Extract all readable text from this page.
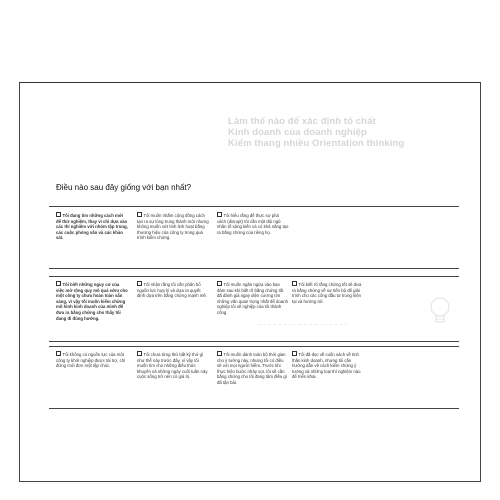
Làm thế nào để xác định tố chất
Kinh doanh của doanh nghiệp
Kiểm thang nhiều Orientation thinking
Điều nào sau đây giống với bạn nhất?
Tôi đang tìm những cách mới để thử nghiệm, thay vì chỉ dựa vào các thí nghiệm với nhóm tập trung, các cuộc phỏng vấn và các khảo sát.
Tôi muốn nhắm cộng đồng cách tạo ra sự lòng trung thành mới nhưng không muốn vứt tính linh hoạt bằng thương hiệu của công ty trong quá trình kiểm chứng.
Tôi hiểu rằng để thực sự phá cách (disrupt) tôi cần một đội ngũ nhân tố sáng kiến và có khả năng tạo ra bằng chứng của riêng họ.
Tôi biết những nguy cơ của việc mở rộng quy mô quá sớm cho một công ty chưa hoàn toàn sẵn sàng, vì vậy tôi muốn kiểm chứng mô hình kinh doanh của mình để đưa ra bằng chứng cho thấy tôi đang đi đúng hướng.
Tôi nhận rằng tôi cần phân bổ nguồn lực hợp lý và dựa ra quyết định dựa trên bằng chứng mạnh mẽ.
Tôi muốn ngăn ngừa vào bạn đám sau khi biết rõ bằng chứng tốt đã đánh giá ngay diện cương tìm những vấn quan trọng nhất để doanh nghiệp tôi sẽ nghiệp của tôi thành công.
Tôi biết rõ rằng chứng tốt sẽ đưa ra bằng chứng về sự tiến bộ để giải trình cho các cổng đầu tư trong hiện tại và hướng tới.
Tôi không có nguồn lực của một công ty khởi nghiệp được tài trợ, chỉ đứng mới đơn một tập chúc.
Tôi chưa từng thử bất kỳ thứ gì như thế này trước đây, vì vậy tôi muốn tìm cho những điều thức khuyến và những ngày cuối tuần này cuộc sống trở nên có giá trị.
Tôi muốn dành toàn bộ thời gian cho ý tưởng này, nhưng tôi có điều sẽ với mọi người hiểm. Trước khi thực hiện bước nhảy vọt, tôi sẽ cần bằng chứng cho tôi đang tâm điều gì đã tận bài.
Tôi đã đọc về cuốn sách về tinh thần kinh doanh, nhưng tôi cần hướng dẫn về cách kiểm chứng ý tưởng và những loại thí nghiệm nào để triển khai.
